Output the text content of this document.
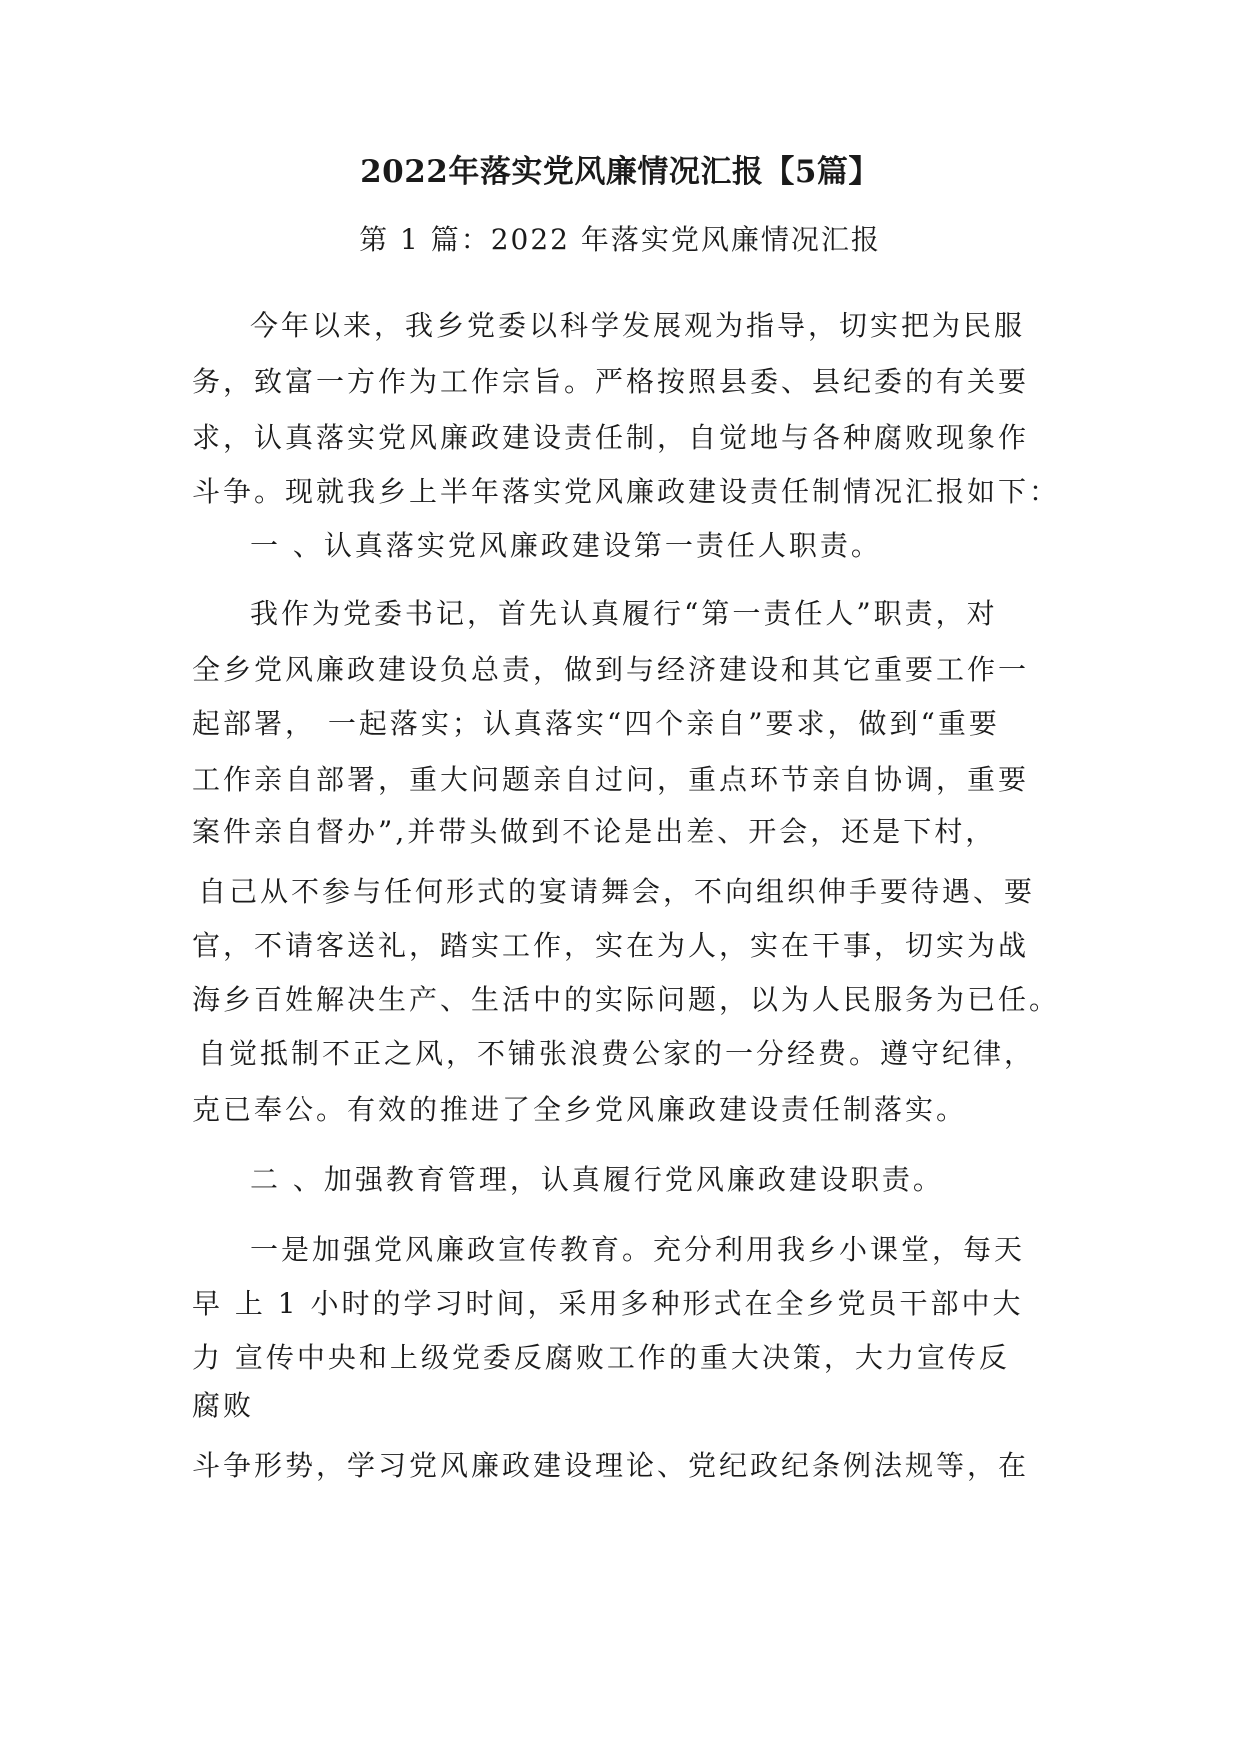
2022年落实党风廉情况汇报【5篇】
第 1 篇：2022 年落实党风廉情况汇报
今年以来，我乡党委以科学发展观为指导，切实把为民服
务，致富一方作为工作宗旨。严格按照县委、县纪委的有关要
求，认真落实党风廉政建设责任制，自觉地与各种腐败现象作
斗争。现就我乡上半年落实党风廉政建设责任制情况汇报如下：
一 、认真落实党风廉政建设第一责任人职责。
我作为党委书记，首先认真履行“第一责任人”职责，对
全乡党风廉政建设负总责，做到与经济建设和其它重要工作一
起部署， 一起落实；认真落实“四个亲自”要求，做到“重要
工作亲自部署，重大问题亲自过问，重点环节亲自协调，重要
案件亲自督办”,并带头做到不论是出差、开会，还是下村，
自己从不参与任何形式的宴请舞会，不向组织伸手要待遇、要
官，不请客送礼，踏实工作，实在为人，实在干事，切实为战
海乡百姓解决生产、生活中的实际问题，以为人民服务为已任。
自觉抵制不正之风，不铺张浪费公家的一分经费。遵守纪律，
克已奉公。有效的推进了全乡党风廉政建设责任制落实。
二 、加强教育管理，认真履行党风廉政建设职责。
一是加强党风廉政宣传教育。充分利用我乡小课堂，每天
早 上 1 小时的学习时间，采用多种形式在全乡党员干部中大
力 宣传中央和上级党委反腐败工作的重大决策，大力宣传反
腐败
斗争形势，学习党风廉政建设理论、党纪政纪条例法规等，在
